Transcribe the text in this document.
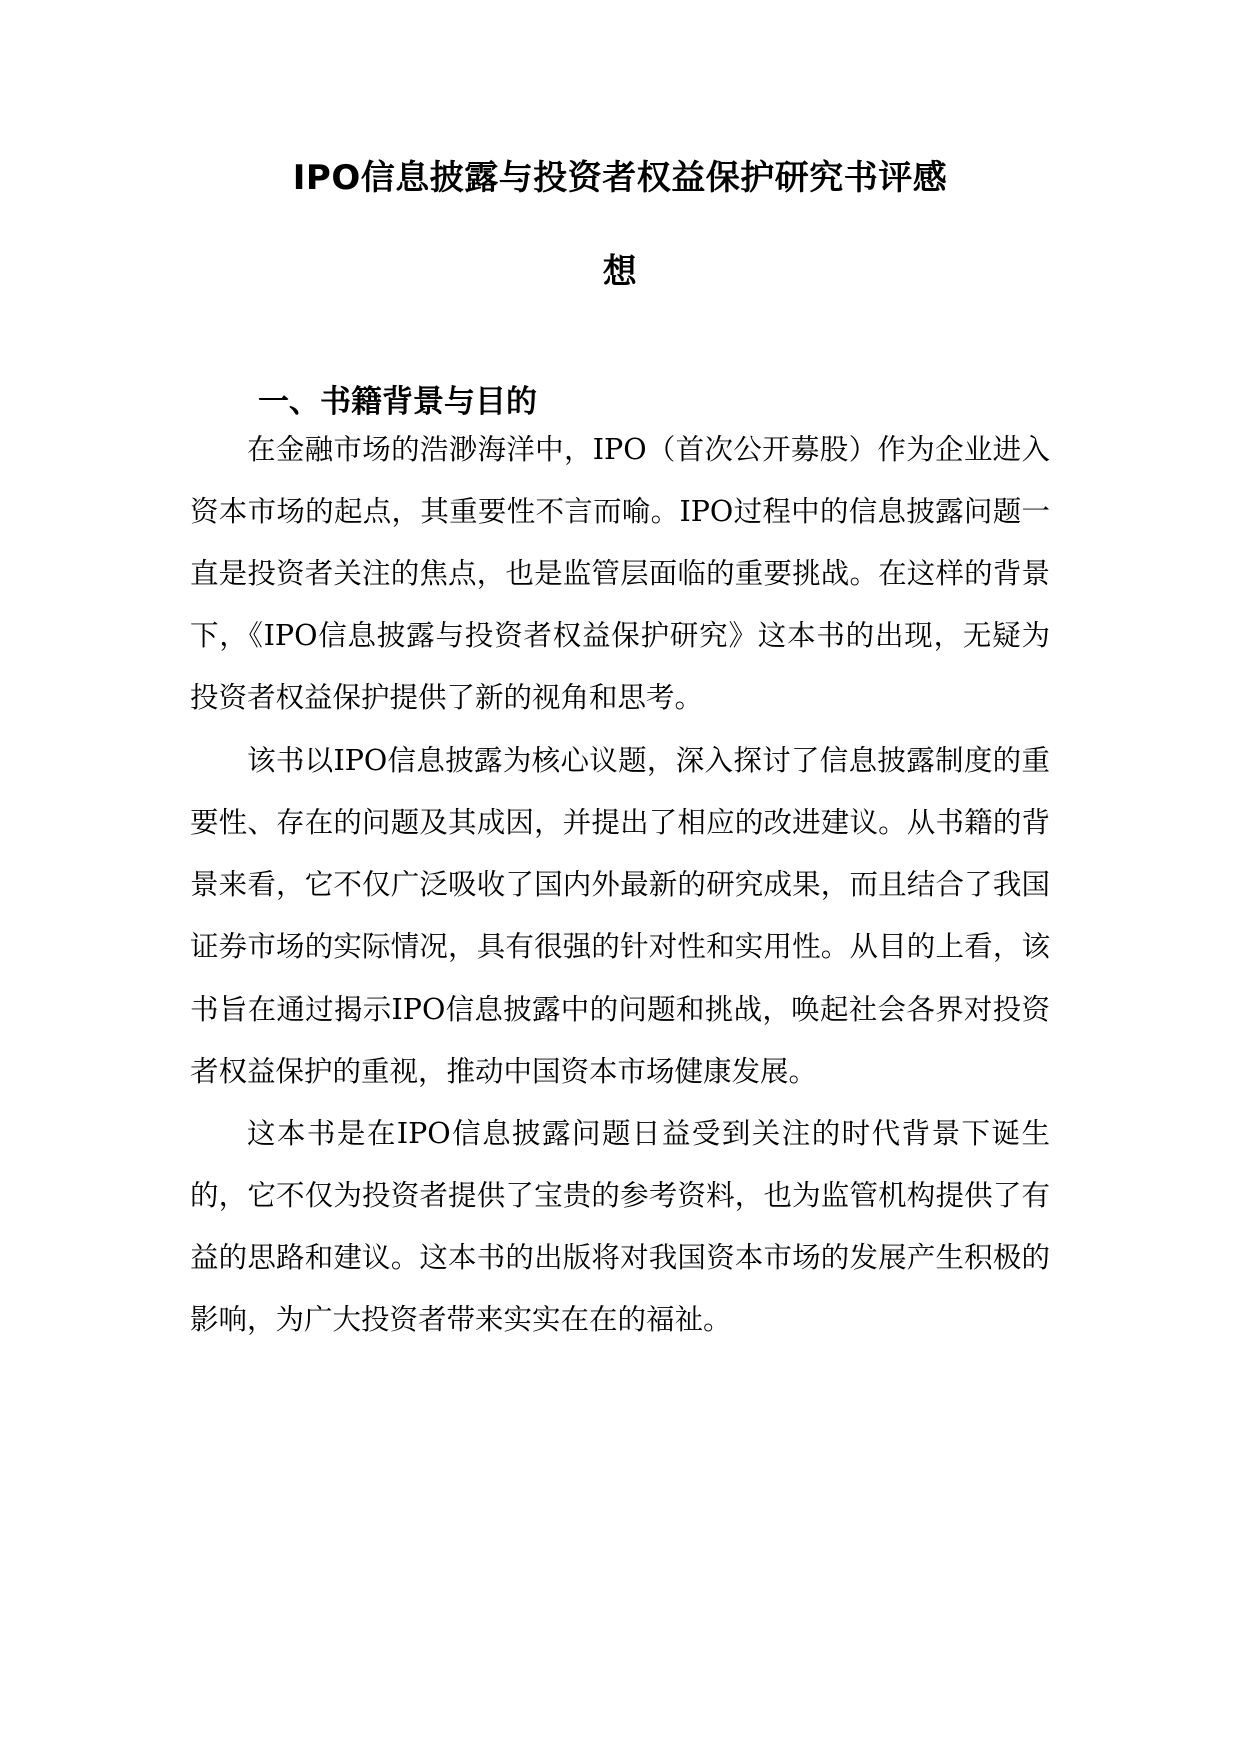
IPO信息披露与投资者权益保护研究书评感
想
一、书籍背景与目的

在金融市场的浩渺海洋中，IPO（首次公开募股）作为企业进入

资本市场的起点，其重要性不言而喻。IPO过程中的信息披露问题一

直是投资者关注的焦点，也是监管层面临的重要挑战。在这样的背景

下，《IPO信息披露与投资者权益保护研究》这本书的出现，无疑为

投资者权益保护提供了新的视角和思考。

该书以IPO信息披露为核心议题，深入探讨了信息披露制度的重

要性、存在的问题及其成因，并提出了相应的改进建议。从书籍的背

景来看，它不仅广泛吸收了国内外最新的研究成果，而且结合了我国

证券市场的实际情况，具有很强的针对性和实用性。从目的上看，该

书旨在通过揭示IPO信息披露中的问题和挑战，唤起社会各界对投资

者权益保护的重视，推动中国资本市场健康发展。

这本书是在IPO信息披露问题日益受到关注的时代背景下诞生

的，它不仅为投资者提供了宝贵的参考资料，也为监管机构提供了有

益的思路和建议。这本书的出版将对我国资本市场的发展产生积极的

影响，为广大投资者带来实实在在的福祉。
